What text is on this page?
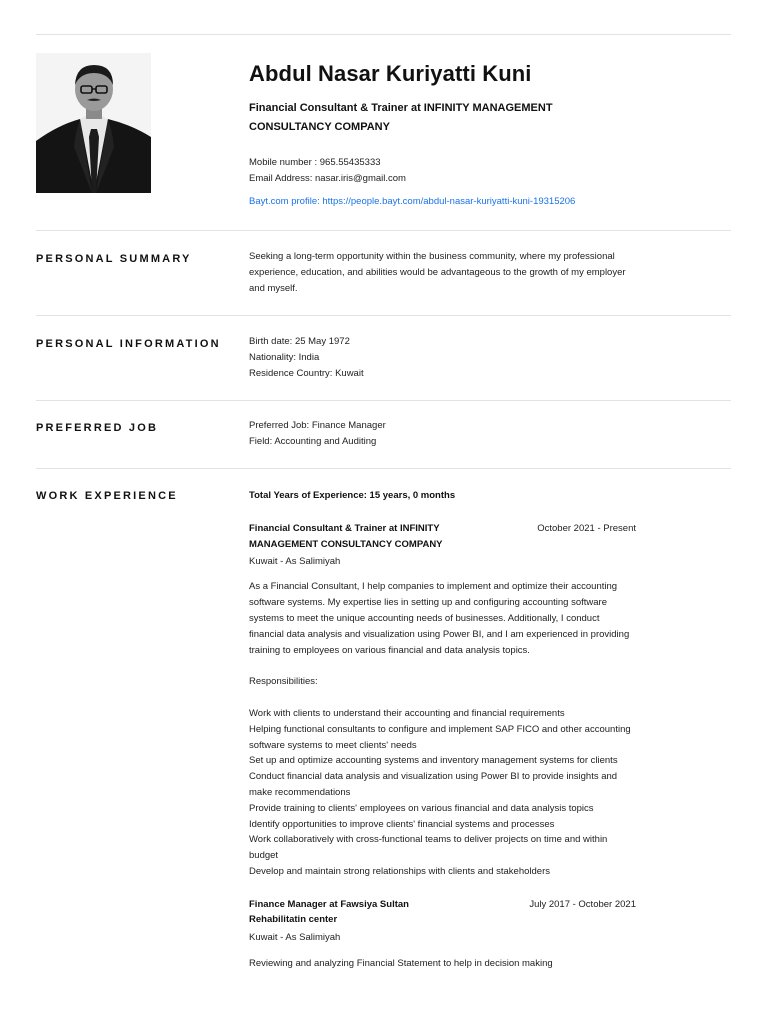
Abdul Nasar Kuriyatti Kuni
Financial Consultant & Trainer at INFINITY MANAGEMENT CONSULTANCY COMPANY
Mobile number : 965.55435333
Email Address: nasar.iris@gmail.com
Bayt.com profile: https://people.bayt.com/abdul-nasar-kuriyatti-kuni-19315206
PERSONAL SUMMARY	Seeking a long-term opportunity within the business community, where my professional experience, education, and abilities would be advantageous to the growth of my employer and myself.
PERSONAL INFORMATION	Birth date: 25 May 1972
Nationality: India
Residence Country: Kuwait
PREFERRED JOB	Preferred Job: Finance Manager
Field: Accounting and Auditing
WORK EXPERIENCE	Total Years of Experience: 15 years, 0 months
Financial Consultant & Trainer at INFINITY MANAGEMENT CONSULTANCY COMPANY
October 2021 - Present
Kuwait - As Salimiyah
As a Financial Consultant, I help companies to implement and optimize their accounting software systems. My expertise lies in setting up and configuring accounting software systems to meet the unique accounting needs of businesses. Additionally, I conduct financial data analysis and visualization using Power BI, and I am experienced in providing training to employees on various financial and data analysis topics.
Responsibilities:
Work with clients to understand their accounting and financial requirements
Helping functional consultants to configure and implement SAP FICO and other accounting software systems to meet clients' needs
Set up and optimize accounting systems and inventory management systems for clients
Conduct financial data analysis and visualization using Power BI to provide insights and make recommendations
Provide training to clients' employees on various financial and data analysis topics
Identify opportunities to improve clients' financial systems and processes
Work collaboratively with cross-functional teams to deliver projects on time and within budget
Develop and maintain strong relationships with clients and stakeholders
Finance Manager at Fawsiya Sultan Rehabilitatin center
July 2017 - October 2021
Kuwait - As Salimiyah
Reviewing and analyzing Financial Statement to help in decision making
